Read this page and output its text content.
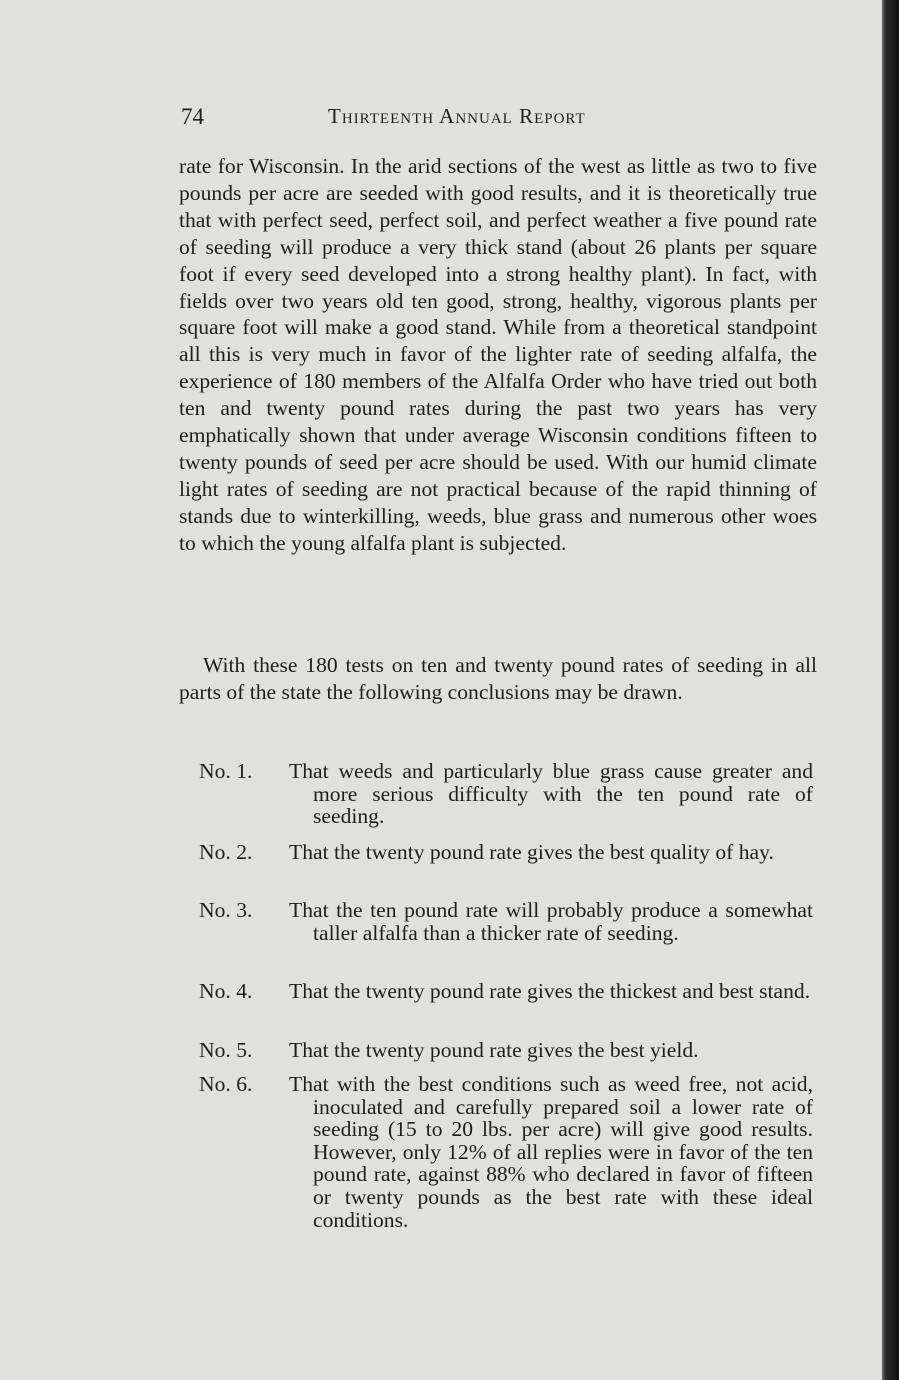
74	Thirteenth Annual Report

rate for Wisconsin. In the arid sections of the west as little as two to five pounds per acre are seeded with good results, and it is theoretically true that with perfect seed, perfect soil, and perfect weather a five pound rate of seeding will produce a very thick stand (about 26 plants per square foot if every seed developed into a strong healthy plant). In fact, with fields over two years old ten good, strong, healthy, vigorous plants per square foot will make a good stand. While from a theoretical standpoint all this is very much in favor of the lighter rate of seeding alfalfa, the experience of 180 members of the Alfalfa Order who have tried out both ten and twenty pound rates during the past two years has very emphatically shown that under average Wisconsin conditions fifteen to twenty pounds of seed per acre should be used. With our humid climate light rates of seeding are not practical because of the rapid thinning of stands due to winterkilling, weeds, blue grass and numerous other woes to which the young alfalfa plant is subjected.

With these 180 tests on ten and twenty pound rates of seeding in all parts of the state the following conclusions may be drawn.

No. 1. That weeds and particularly blue grass cause greater and more serious difficulty with the ten pound rate of seeding.
No. 2. That the twenty pound rate gives the best quality of hay.
No. 3. That the ten pound rate will probably produce a somewhat taller alfalfa than a thicker rate of seeding.
No. 4. That the twenty pound rate gives the thickest and best stand.
No. 5. That the twenty pound rate gives the best yield.
No. 6. That with the best conditions such as weed free, not acid, inoculated and carefully prepared soil a lower rate of seeding (15 to 20 lbs. per acre) will give good results. However, only 12% of all replies were in favor of the ten pound rate, against 88% who declared in favor of fifteen or twenty pounds as the best rate with these ideal conditions.
